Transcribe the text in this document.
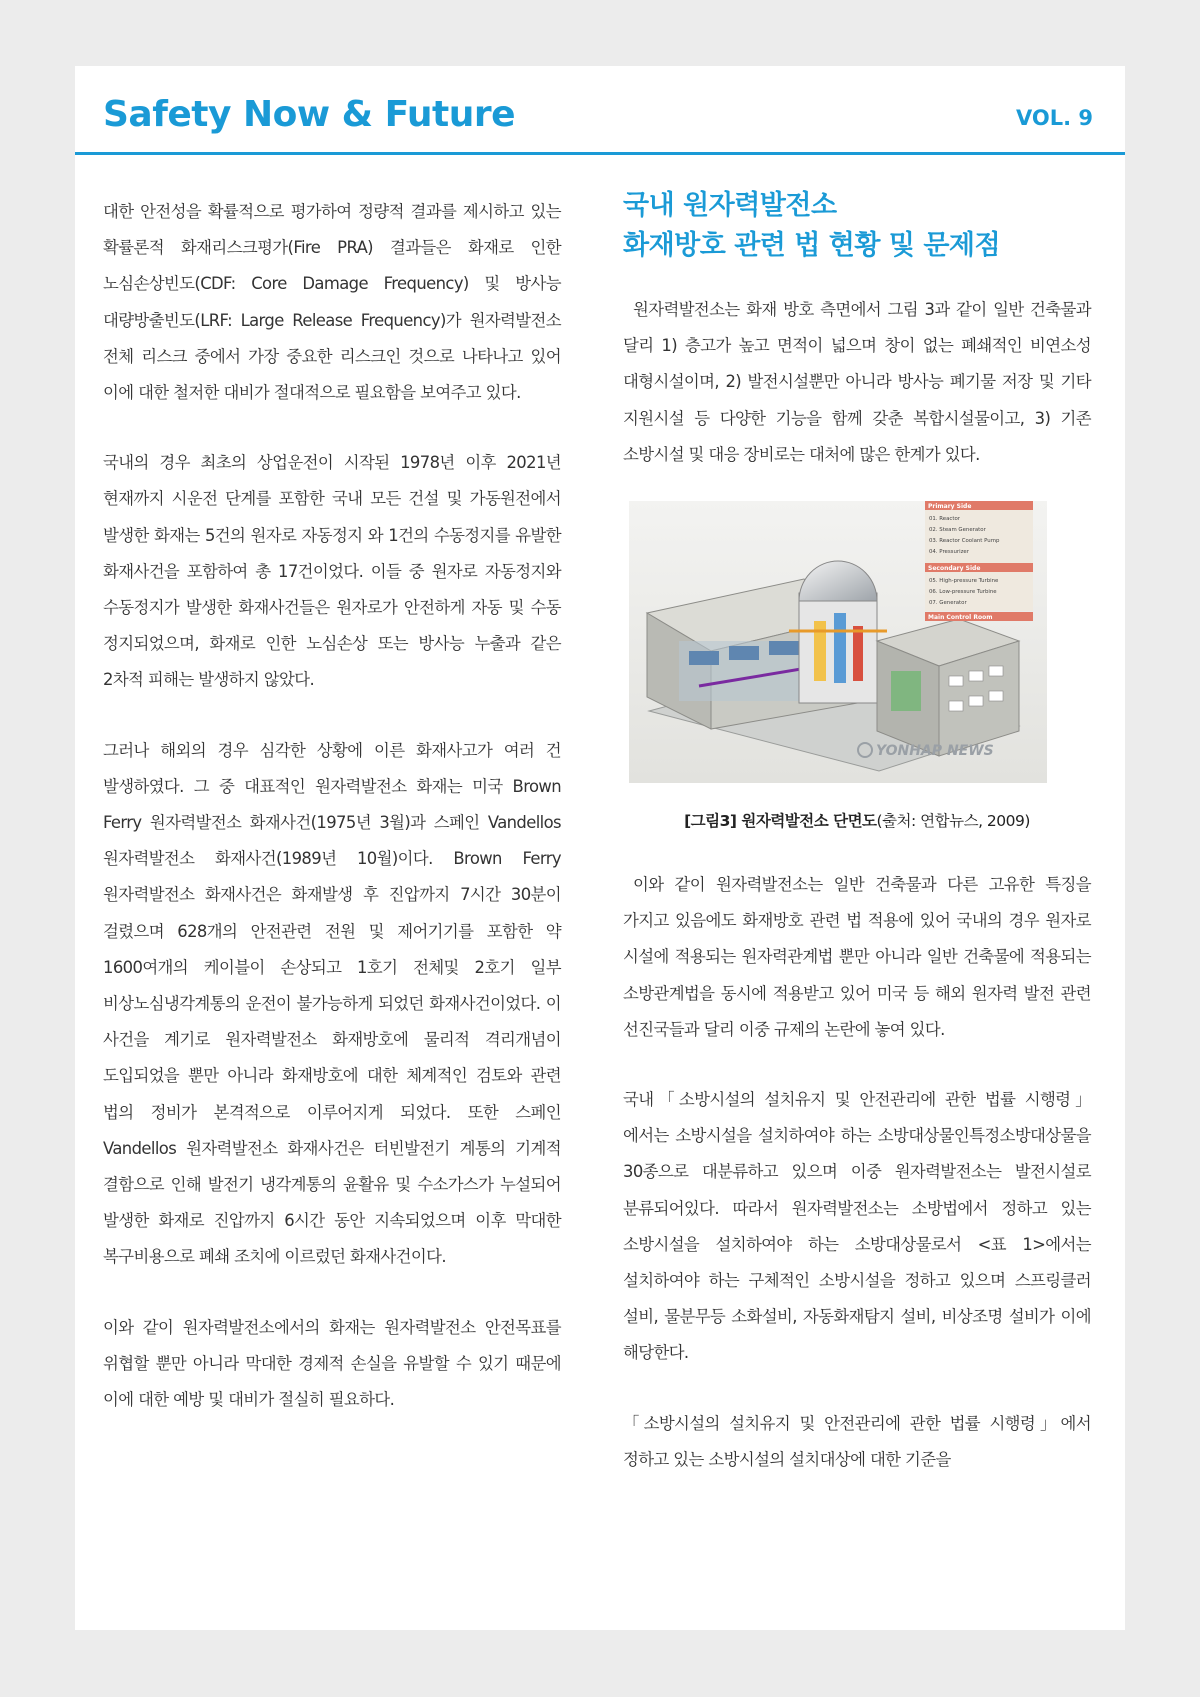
Safety Now & Future	VOL. 9

대한 안전성을 확률적으로 평가하여 정량적 결과를 제시하고 있는 확률론적 화재리스크평가(Fire PRA) 결과들은 화재로 인한 노심손상빈도(CDF: Core Damage Frequency) 및 방사능 대량방출빈도(LRF: Large Release Frequency)가 원자력발전소 전체 리스크 중에서 가장 중요한 리스크인 것으로 나타나고 있어 이에 대한 철저한 대비가 절대적으로 필요함을 보여주고 있다.

국내의 경우 최초의 상업운전이 시작된 1978년 이후 2021년 현재까지 시운전 단계를 포함한 국내 모든 건설 및 가동원전에서 발생한 화재는 5건의 원자로 자동정지 와 1건의 수동정지를 유발한 화재사건을 포함하여 총 17건이었다. 이들 중 원자로 자동정지와 수동정지가 발생한 화재사건들은 원자로가 안전하게 자동 및 수동 정지되었으며, 화재로 인한 노심손상 또는 방사능 누출과 같은 2차적 피해는 발생하지 않았다.

그러나 해외의 경우 심각한 상황에 이른 화재사고가 여러 건 발생하였다. 그 중 대표적인 원자력발전소 화재는 미국 Brown Ferry 원자력발전소 화재사건(1975년 3월)과 스페인 Vandellos 원자력발전소 화재사건(1989년 10월)이다. Brown Ferry 원자력발전소 화재사건은 화재발생 후 진압까지 7시간 30분이 걸렸으며 628개의 안전관련 전원 및 제어기기를 포함한 약 1600여개의 케이블이 손상되고 1호기 전체및 2호기 일부 비상노심냉각계통의 운전이 불가능하게 되었던 화재사건이었다. 이 사건을 계기로 원자력발전소 화재방호에 물리적 격리개념이 도입되었을 뿐만 아니라 화재방호에 대한 체계적인 검토와 관련 법의 정비가 본격적으로 이루어지게 되었다. 또한 스페인 Vandellos 원자력발전소 화재사건은 터빈발전기 계통의 기계적 결함으로 인해 발전기 냉각계통의 윤활유 및 수소가스가 누설되어 발생한 화재로 진압까지 6시간 동안 지속되었으며 이후 막대한 복구비용으로 폐쇄 조치에 이르렀던 화재사건이다.

이와 같이 원자력발전소에서의 화재는 원자력발전소 안전목표를 위협할 뿐만 아니라 막대한 경제적 손실을 유발할 수 있기 때문에 이에 대한 예방 및 대비가 절실히 필요하다.

국내 원자력발전소
화재방호 관련 법 현황 및 문제점

원자력발전소는 화재 방호 측면에서 그림 3과 같이 일반 건축물과 달리 1) 층고가 높고 면적이 넓으며 창이 없는 폐쇄적인 비연소성 대형시설이며, 2) 발전시설뿐만 아니라 방사능 폐기물 저장 및 기타 지원시설 등 다양한 기능을 함께 갖춘 복합시설물이고, 3) 기존 소방시설 및 대응 장비로는 대처에 많은 한계가 있다.

Primary Side
01. Reactor
02. Steam Generator
03. Reactor Coolant Pump
04. Pressurizer
Secondary Side
05. High-pressure Turbine
06. Low-pressure Turbine
07. Generator
Main Control Room
YONHAP NEWS
[그림3] 원자력발전소 단면도(출처: 연합뉴스, 2009)

이와 같이 원자력발전소는 일반 건축물과 다른 고유한 특징을 가지고 있음에도 화재방호 관련 법 적용에 있어 국내의 경우 원자로 시설에 적용되는 원자력관계법 뿐만 아니라 일반 건축물에 적용되는 소방관계법을 동시에 적용받고 있어 미국 등 해외 원자력 발전 관련 선진국들과 달리 이중 규제의 논란에 놓여 있다.

국내「소방시설의 설치유지 및 안전관리에 관한 법률 시행령」에서는 소방시설을 설치하여야 하는 소방대상물인특정소방대상물을 30종으로 대분류하고 있으며 이중 원자력발전소는 발전시설로 분류되어있다. 따라서 원자력발전소는 소방법에서 정하고 있는 소방시설을 설치하여야 하는 소방대상물로서 <표 1>에서는 설치하여야 하는 구체적인 소방시설을 정하고 있으며 스프링클러 설비, 물분무등 소화설비, 자동화재탐지 설비, 비상조명 설비가 이에 해당한다.

「소방시설의 설치유지 및 안전관리에 관한 법률 시행령」에서 정하고 있는 소방시설의 설치대상에 대한 기준을
